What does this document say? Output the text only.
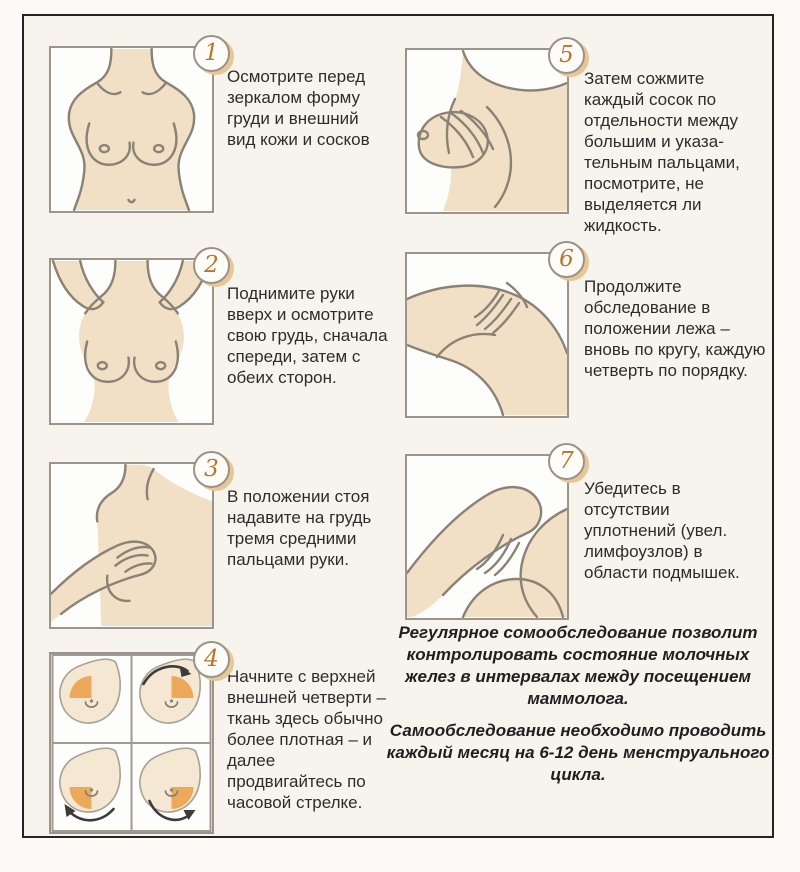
1
Осмотрите перед зеркалом форму груди и внешний вид кожи и сосков
2
Поднимите руки вверх и осмотрите свою грудь, сначала спереди, затем с обеих сторон.
3
В положении стоя надавите на грудь тремя средними пальцами руки.
4
Начните с верхней внешней четверти – ткань здесь обычно более плотная – и далее продвигайтесь по часовой стрелке.
5
Затем сожмите каждый сосок по отдельности между большим и указательным пальцами, посмотрите, не выделяется ли жидкость.
6
Продолжите обследование в положении лежа – вновь по кругу, каждую четверть по порядку.
7
Убедитесь в отсутствии уплотнений (увел. лимфоузлов) в области подмышек.

Регулярное сомообследование позволит контролировать состояние молочных желез в интервалах между посещением маммолога.

Самообследование необходимо проводить каждый месяц на 6-12 день менструального цикла.
